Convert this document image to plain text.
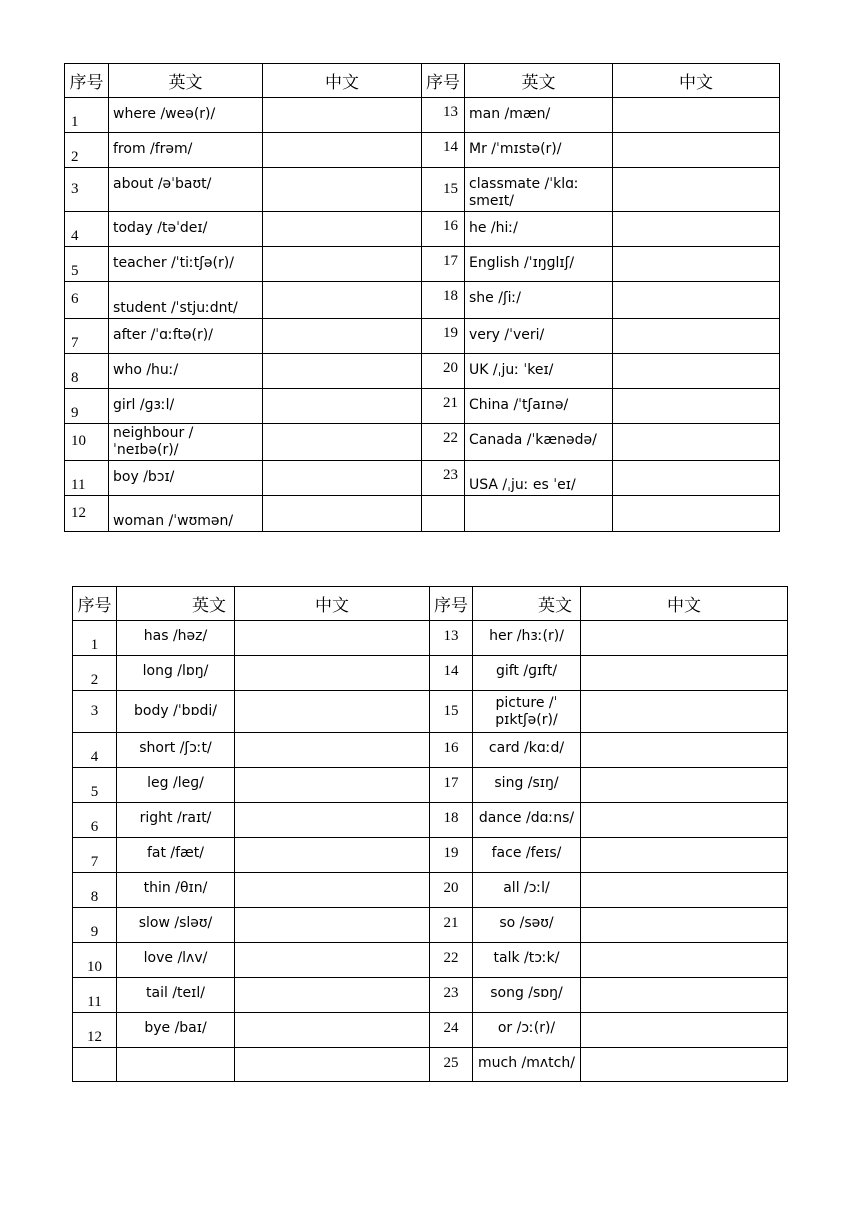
序号	英文	中文	序号	英文	中文
1	where /weə(r)/		13	man /mæn/	
2	from /frəm/		14	Mr /ˈmɪstə(r)/	
3	about /əˈbaʊt/		15	classmate /ˈklɑː smeɪt/	
4	today /təˈdeɪ/		16	he /hiː/	
5	teacher /ˈtiːtʃə(r)/		17	English /ˈɪŋɡlɪʃ/	
6	student /ˈstjuːdnt/		18	she /ʃiː/	
7	after /ˈɑːftə(r)/		19	very /ˈveri/	
8	who /huː/		20	UK /ˌjuː ˈkeɪ/	
9	girl /ɡɜːl/		21	China /ˈtʃaɪnə/	
10	neighbour /ˈneɪbə(r)/		22	Canada /ˈkænədə/	
11	boy /bɔɪ/		23	USA /ˌjuː es ˈeɪ/	
12	woman /ˈwʊmən/				
序号	英文	中文	序号	英文	中文
1	has /həz/		13	her /hɜː(r)/	
2	long /lɒŋ/		14	gift /ɡɪft/	
3	body /ˈbɒdi/		15	picture /ˈ pɪktʃə(r)/	
4	short /ʃɔːt/		16	card /kɑːd/	
5	leg /leɡ/		17	sing /sɪŋ/	
6	right /raɪt/		18	dance /dɑːns/	
7	fat /fæt/		19	face /feɪs/	
8	thin /θɪn/		20	all /ɔːl/	
9	slow /sləʊ/		21	so /səʊ/	
10	love /lʌv/		22	talk /tɔːk/	
11	tail /teɪl/		23	song /sɒŋ/	
12	bye /baɪ/		24	or /ɔː(r)/	
			25	much /mʌtch/	
